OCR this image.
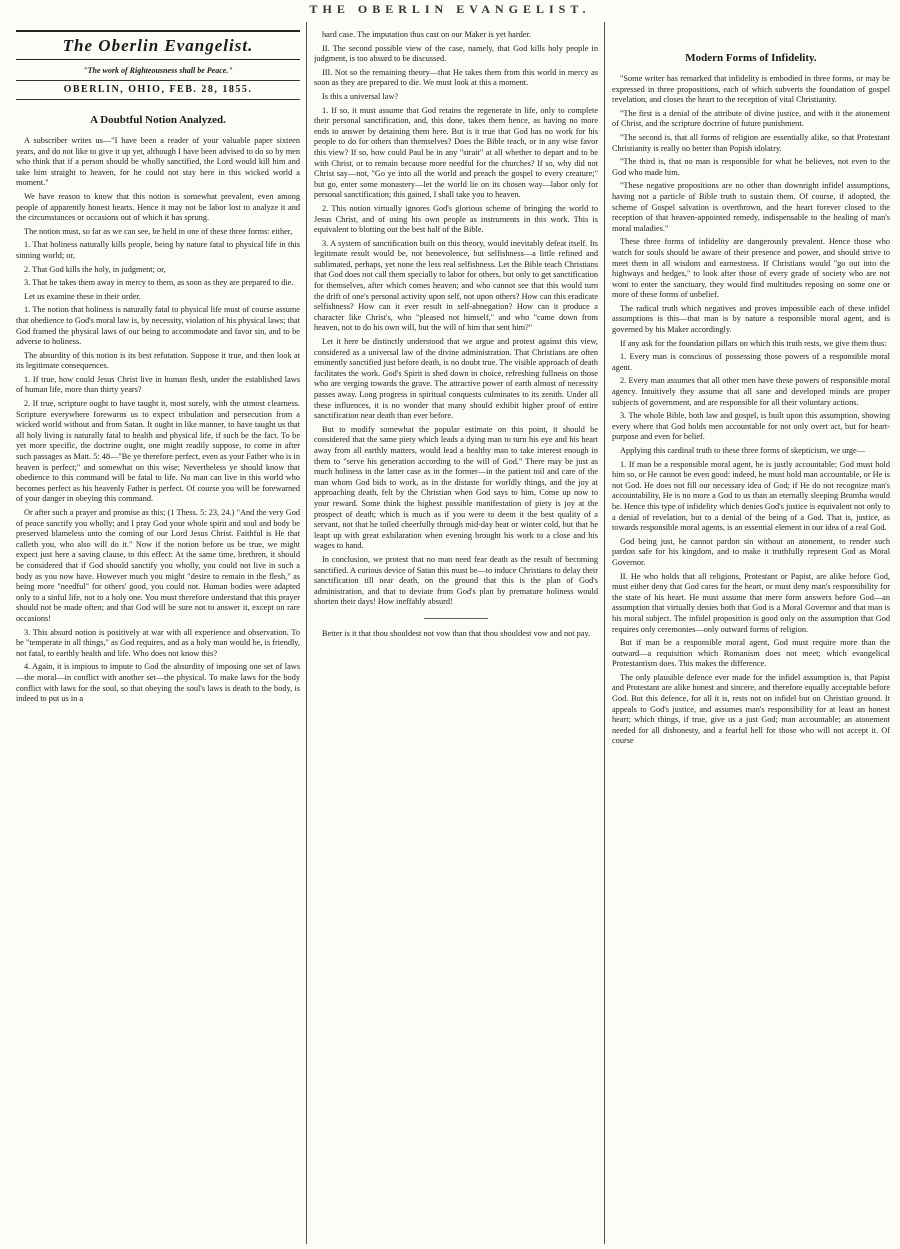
THE OBERLIN EVANGELIST.
The Oberlin Evangelist.
"The work of Righteousness shall be Peace."
OBERLIN, OHIO, FEB. 28, 1855.
A Doubtful Notion Analyzed.

A subscriber writes us—"I have been a reader of your valuable paper sixteen years, and do not like to give it up yet, although I have been advised to do so by men who think that if a person should be wholly sanctified, the Lord would kill him and take him straight to heaven, for he could not stay here in this wicked world a moment."

We have reason to know that this notion is somewhat prevalent, even among people of apparently honest hearts. Hence it may not be labor lost to analyze it and the circumstances or occasions out of which it has sprung.

The notion must, so far as we can see, be held in one of these three forms: either,

1. That holiness naturally kills people, being by nature fatal to physical life in this sinning world; or,

2. That God kills the holy, in judgment; or,

3. That he takes them away in mercy to them, as soon as they are prepared to die.

Let us examine these in their order.

1. The notion that holiness is naturally fatal to physical life must of course assume that obedience to God's moral law is, by necessity, violation of his physical laws; that God framed the physical laws of our being to accommodate and favor sin, and to be adverse to holiness.

The absurdity of this notion is its best refutation. Suppose it true, and then look at its legitimate consequences.

1. If true, how could Jesus Christ live in human flesh, under the established laws of human life, more than thirty years?

2. If true, scripture ought to have taught it, most surely, with the utmost clearness. Scripture everywhere forewarns us to expect tribulation and persecution from a wicked world without and from Satan. It ought in like manner, to have taught us that all holy living is naturally fatal to health and physical life, if such be the fact. To be yet more specific, the doctrine ought, one might readily suppose, to come in after such passages as Matt. 5: 48—"Be ye therefore perfect, even as your Father who is in heaven is perfect;" and somewhat on this wise; Nevertheless ye should know that obedience to this command will be fatal to life. No man can live in this world who becomes perfect as his heavenly Father is perfect. Of course you will be forewarned of your danger in obeying this command.

Or after such a prayer and promise as this; (1 Thess. 5: 23, 24.) "And the very God of peace sanctify you wholly; and I pray God your whole spirit and soul and body be preserved blameless unto the coming of our Lord Jesus Christ. Faithful is He that calleth you, who also will do it." Now if the notion before us be true, we might expect just here a saving clause, to this effect: At the same time, brethren, it should be considered that if God should sanctify you wholly, you could not live in such a body as you now have. However much you might "desire to remain in the flesh," as being more "needful" for others' good, you could not. Human bodies were adapted only to a sinful life, not to a holy one. You must therefore understand that this prayer should not be made often; and that God will be sure not to answer it, except on rare occasions!

3. This absurd notion is positively at war with all experience and observation. To be "temperate in all things," as God requires, and as a holy man would be, is friendly, not fatal, to earthly health and life. Who does not know this?

4. Again, it is impious to impute to God the absurdity of imposing one set of laws—the moral—in conflict with another set—the physical. To make laws for the body conflict with laws for the soul, so that obeying the soul's laws is death to the body, is indeed to put us in a

hard case. The imputation thus cast on our Maker is yet harder.

II. The second possible view of the case, namely, that God kills holy people in judgment, is too absurd to be discussed.

III. Not so the remaining theory—that He takes them from this world in mercy as soon as they are prepared to die. We must look at this a moment.

Is this a universal law?

1. If so, it must assume that God retains the regenerate in life, only to complete their personal sanctification, and, this done, takes them hence, as having no more ends to answer by detaining them here. But is it true that God has no work for his people to do for others than themselves? Does the Bible teach, or in any wise favor this view? If so, how could Paul be in any "strait" at all whether to depart and to be with Christ, or to remain because more needful for the churches? If so, why did not Christ say—not, "Go ye into all the world and preach the gospel to every creature;" but go, enter some monastery—let the world lie on its chosen way—labor only for personal sanctification; this gained, I shall take you to heaven.

2. This notion virtually ignores God's glorious scheme of bringing the world to Jesus Christ, and of using his own people as instruments in this work. This is equivalent to blotting out the best half of the Bible.

3. A system of sanctification built on this theory, would inevitably defeat itself. Its legitimate result would be, not benevolence, but selfishness—a little refined and sublimated, perhaps, yet none the less real selfishness. Let the Bible teach Christians that God does not call them specially to labor for others, but only to get sanctification for themselves, after which comes heaven; and who cannot see that this would turn the drift of one's personal activity upon self, not upon others? How can this eradicate selfishness? How can it ever result in self-abnegation? How can it produce a character like Christ's, who "pleased not himself," and who "came down from heaven, not to do his own will, but the will of him that sent him?"

Let it here be distinctly understood that we argue and protest against this view, considered as a universal law of the divine administration. That Christians are often eminently sanctified just before death, is no doubt true. The visible approach of death facilitates the work. God's Spirit is shed down in choice, refreshing fullness on those who are verging towards the grave. The attractive power of earth almost of necessity passes away. Long progress in spiritual conquests culminates to its zenith. Under all these influences, it is no wonder that many should exhibit higher proof of entire sanctification near death than ever before.

But to modify somewhat the popular estimate on this point, it should be considered that the same piety which leads a dying man to turn his eye and his heart away from all earthly matters, would lead a healthy man to take interest enough in them to "serve his generation according to the will of God." There may be just as much holiness in the latter case as in the former—in the patient toil and care of the man whom God bids to work, as in the distaste for worldly things, and the joy at approaching death, felt by the Christian when God says to him, Come up now to your reward. Some think the highest possible manifestation of piety is joy at the prospect of death; which is much as if you were to deem it the best quality of a servant, not that he toiled cheerfully through mid-day heat or winter cold, but that he leapt up with great exhilaration when evening brought his work to a close and his wages to hand.

In conclusion, we protest that no man need fear death as the result of becoming sanctified. A curious device of Satan this must be—to induce Christians to delay their sanctification till near death, on the ground that this is the plan of God's administration, and that to deviate from God's plan by premature holiness would shorten their days! How ineffably absurd!

Better is it that thou shouldest not vow than that thou shouldest vow and not pay.

Modern Forms of Infidelity.

"Some writer has remarked that infidelity is embodied in three forms, or may be expressed in three propositions, each of which subverts the foundation of gospel revelation, and closes the heart to the reception of vital Christianity.

"The first is a denial of the attribute of divine justice, and with it the atonement of Christ, and the scripture doctrine of future punishment.

"The second is, that all forms of religion are essentially alike, so that Protestant Christianity is really no better than Popish idolatry.

"The third is, that no man is responsible for what he believes, not even to the God who made him.

"These negative propositions are no other than downright infidel assumptions, having not a particle of Bible truth to sustain them. Of course, if adopted, the scheme of Gospel salvation is overthrown, and the heart forever closed to the reception of that heaven-appointed remedy, indispensable to the healing of man's moral maladies."

These three forms of infidelity are dangerously prevalent. Hence those who watch for souls should be aware of their presence and power, and should strive to meet them in all wisdom and earnestness. If Christians would "go out into the highways and hedges," to look after those of every grade of society who are not wont to enter the sanctuary, they would find multitudes reposing on some one or more of these forms of unbelief.

The radical truth which negatives and proves impossible each of these infidel assumptions is this—that man is by nature a responsible moral agent, and is governed by his Maker accordingly.

If any ask for the foundation pillars on which this truth rests, we give them thus:

1. Every man is conscious of possessing those powers of a responsible moral agent.

2. Every man assumes that all other men have these powers of responsible moral agency. Intuitively they assume that all sane and developed minds are proper subjects of government, and are responsible for all their voluntary actions.

3. The whole Bible, both law and gospel, is built upon this assumption, showing every where that God holds men accountable for not only overt act, but for heart-purpose and even for belief.

Applying this cardinal truth to these three forms of skepticism, we urge—

1. If man be a responsible moral agent, he is justly accountable; God must hold him so, or He cannot be even good: indeed, he must hold man accountable, or He is not God. He does not fill our necessary idea of God; if He do not recognize man's accountability, He is no more a God to us than an eternally sleeping Brumha would be. Hence this type of infidelity which denies God's justice is equivalent not only to a denial of revelation, but to a denial of the being of a God. That is, justice, as towards responsible moral agents, is an essential element in our idea of a real God.

God being just, he cannot pardon sin without an atonement, to render such pardon safe for his kingdom, and to make it truthfully represent God as Moral Governor.

II. He who holds that all religions, Protestant or Papist, are alike before God, must either deny that God cares for the heart, or must deny man's responsibility for the state of his heart. He must assume that mere form answers before God—an assumption that virtually denies both that God is a Moral Governor and that man is his moral subject. The infidel proposition is good only on the assumption that God requires only ceremonies—only outward forms of religion.

But if man be a responsible moral agent, God must require more than the outward—a requisition which Romanism does not meet; which evangelical Protestantism does. This makes the difference.

The only plausible defence ever made for the infidel assumption is, that Papist and Protestant are alike honest and sincere, and therefore equally acceptable before God. But this defence, for all it is, rests not on infidel but on Christian ground. It appeals to God's justice, and assumes man's responsibility for at least an honest heart; which things, if true, give us a just God; man accountable; an atonement needed for all dishonesty, and a fearful hell for those who will not accept it. Of course
